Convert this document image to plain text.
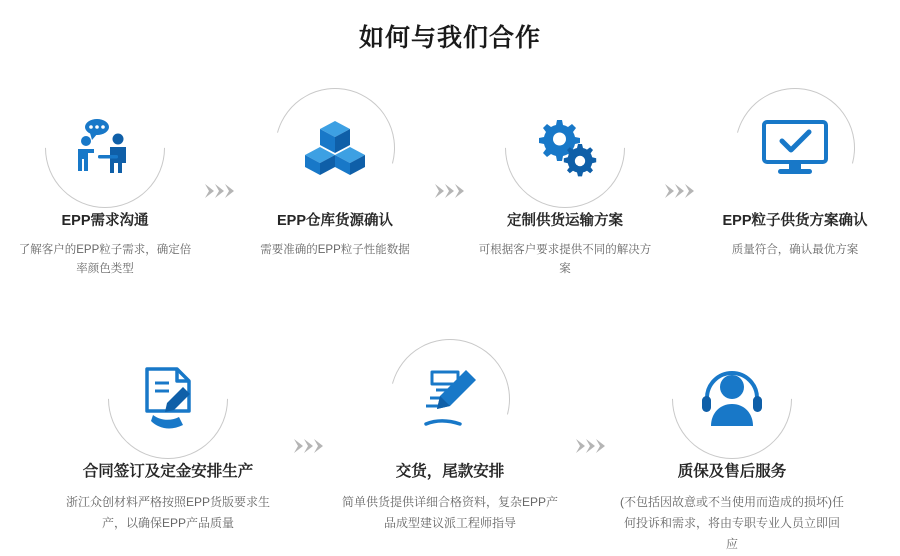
如何与我们合作
EPP需求沟通
了解客户的EPP粒子需求，确定倍率颜色类型
EPP仓库货源确认
需要准确的EPP粒子性能数据
定制供货运输方案
可根据客户要求提供不同的解决方案
EPP粒子供货方案确认
质量符合，确认最优方案
合同签订及定金安排生产
浙江众创材料严格按照EPP货版要求生产，以确保EPP产品质量
交货，尾款安排
简单供货提供详细合格资料，复杂EPP产品成型建议派工程师指导
质保及售后服务
(不包括因故意或不当使用而造成的损坏)任何投诉和需求，将由专职专业人员立即回应
